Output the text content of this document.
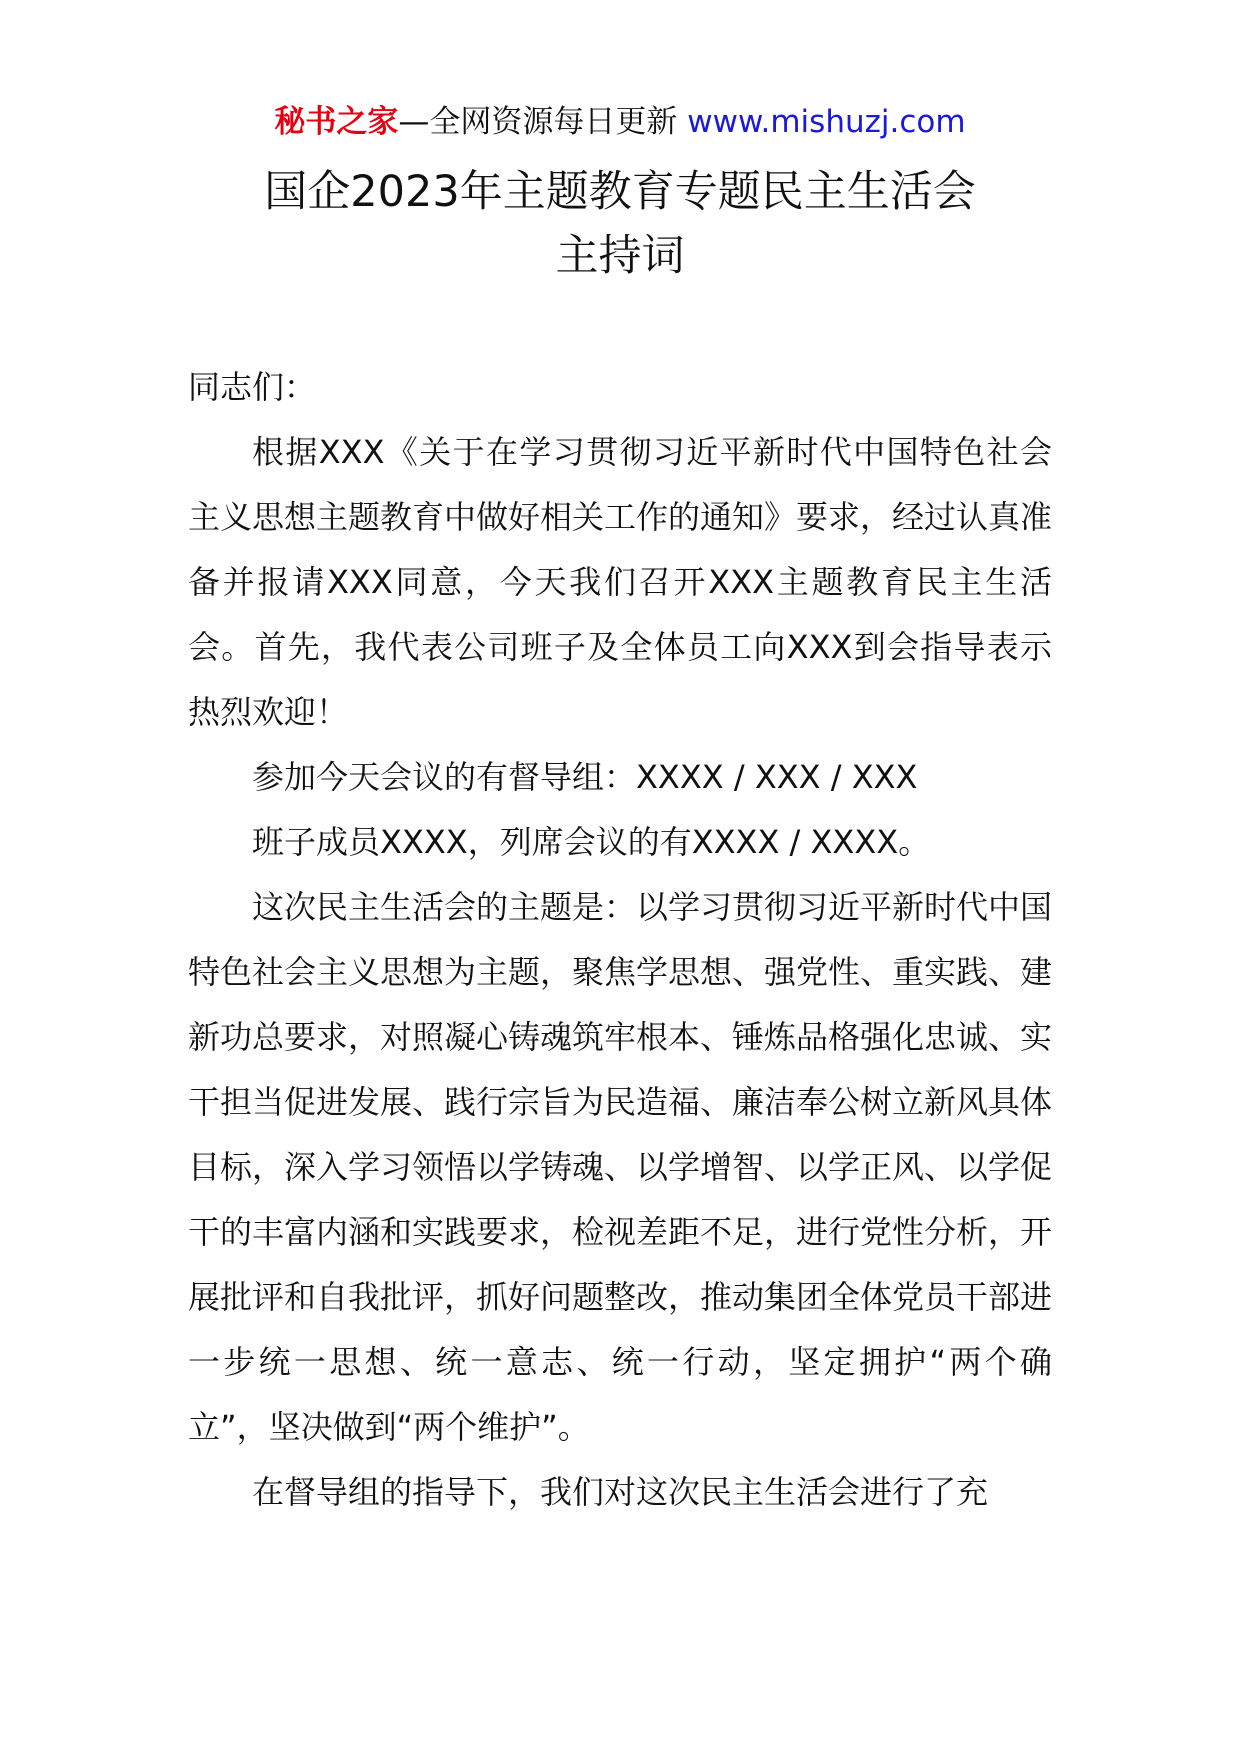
秘书之家—全网资源每日更新 www.mishuzj.com
国企2023年主题教育专题民主生活会
主持词

同志们：

根据XXX《关于在学习贯彻习近平新时代中国特色社会主义思想主题教育中做好相关工作的通知》要求，经过认真准备并报请XXX同意，今天我们召开XXX主题教育民主生活会。首先，我代表公司班子及全体员工向XXX到会指导表示热烈欢迎！

参加今天会议的有督导组：XXXX / XXX / XXX

班子成员XXXX，列席会议的有XXXX / XXXX。

这次民主生活会的主题是：以学习贯彻习近平新时代中国特色社会主义思想为主题，聚焦学思想、强党性、重实践、建新功总要求，对照凝心铸魂筑牢根本、锤炼品格强化忠诚、实干担当促进发展、践行宗旨为民造福、廉洁奉公树立新风具体目标，深入学习领悟以学铸魂、以学增智、以学正风、以学促干的丰富内涵和实践要求，检视差距不足，进行党性分析，开展批评和自我批评，抓好问题整改，推动集团全体党员干部进一步统一思想、统一意志、统一行动，坚定拥护“两个确立”，坚决做到“两个维护”。

在督导组的指导下，我们对这次民主生活会进行了充
